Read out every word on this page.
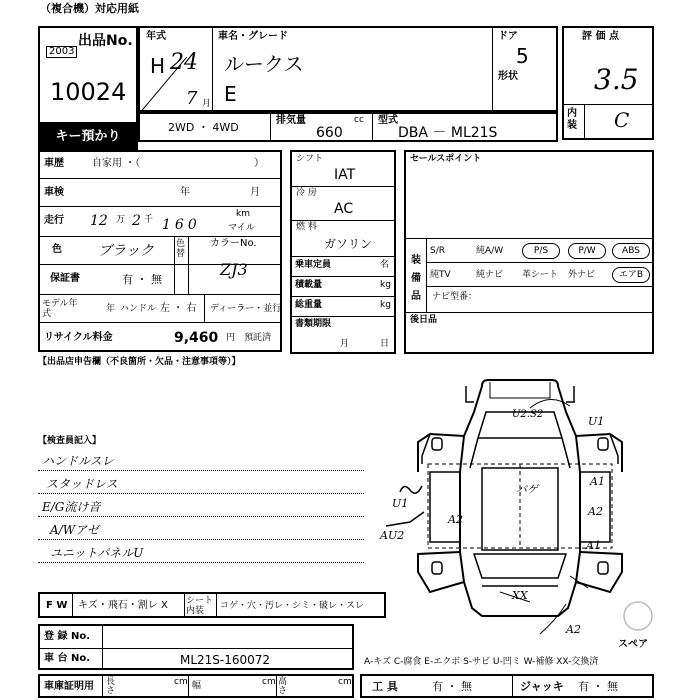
（複合機）対応用紙
出品No.
2003
10024
キー預かり
年式
H 24
7 月
車名・グレード
ルークス
E
ドア
5
形状
評 価 点
3.5
内装 C
2WD ・ 4WD
排気量	cc
660
型式
DBA － ML21S
車歴	自家用 ・（	）
車検	年	月
走行 12 万 2 千 160
km
マイル
色	ブラック 色替
カラーNo.
ZJ3
保証書	有 ・ 無
モデル年式	年 ハンドル 左 ・ 右 ディーラー・並行
リサイクル料金	9,460 円 預託済
シフト
IAT
冷 房
AC
燃 料
ガソリン
乗車定員	名
積載量	kg
総重量	kg
書類期限
月	日
セールスポイント
装備品 ナビ型番：
後日品
S/R	純A/W	P/S	P/W	ABS
純TV	純ナビ 革シート 外ナビ	エアB
【出品店申告欄（不良箇所・欠品・注意事項等）】
【検査員記入】
ハンドルスレ
スタッドレス
E/G流け音
A/Wアゼ
ユニットパネルU
U2.S2
U1
A1
バゲ
U1
A2
A2
AU2
A1
XX
A2
スペア
F W キズ・飛石・割レ X シート内装	コゲ・穴・汚レ・シミ・破レ・スレ
登 録 No.
車 台 No.	ML21S-160072
車庫証明用 長さ
cm 幅	cm 高さ
cm
A-キズ C-腐食 E-エクボ S-サビ U-凹ミ W-補修 XX-交換済
工 具	有 ・ 無	ジャッキ 有 ・ 無
